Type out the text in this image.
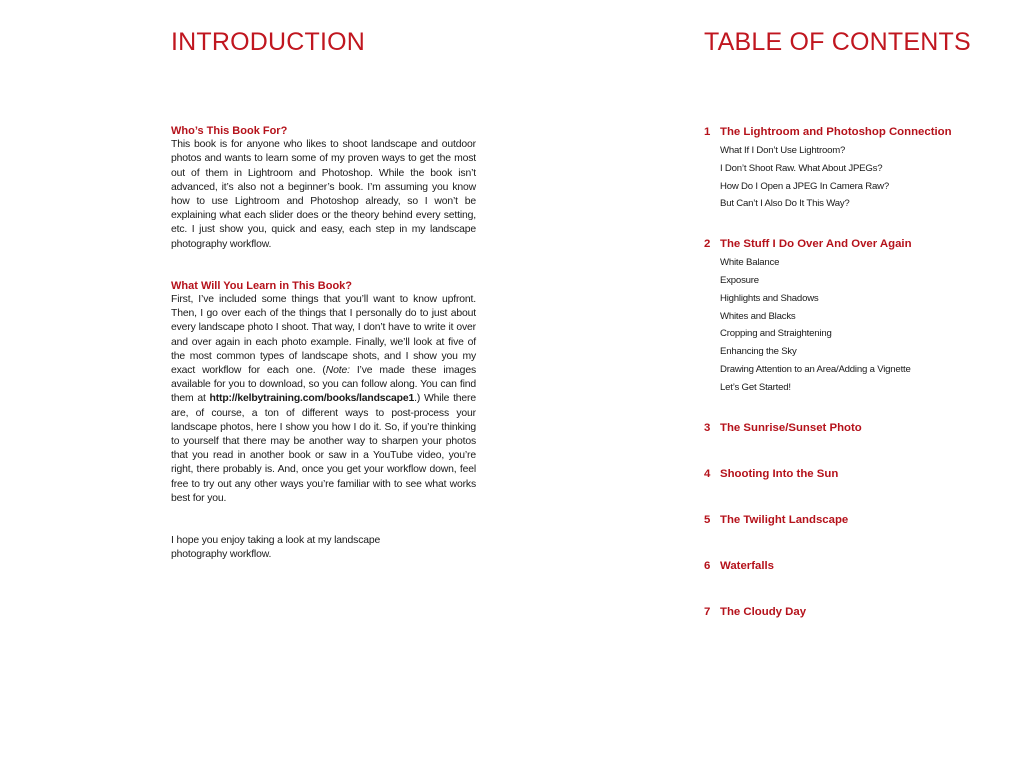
INTRODUCTION
Who’s This Book For?

This book is for anyone who likes to shoot landscape and outdoor photos and wants to learn some of my proven ways to get the most out of them in Lightroom and Photoshop. While the book isn’t advanced, it’s also not a beginner’s book. I’m assuming you know how to use Lightroom and Photoshop already, so I won’t be explaining what each slider does or the theory behind every setting, etc. I just show you, quick and easy, each step in my landscape photography workflow.

What Will You Learn in This Book?

First, I’ve included some things that you’ll want to know upfront. Then, I go over each of the things that I personally do to just about every landscape photo I shoot. That way, I don’t have to write it over and over again in each photo example. Finally, we’ll look at five of the most common types of landscape shots, and I show you my exact workflow for each one. (Note: I’ve made these images available for you to download, so you can follow along. You can find them at http://kelbytraining.com/books/landscape1.) While there are, of course, a ton of different ways to post-process your landscape photos, here I show you how I do it. So, if you’re thinking to yourself that there may be another way to sharpen your photos that you read in another book or saw in a YouTube video, you’re right, there probably is. And, once you get your workflow down, feel free to try out any other ways you’re familiar with to see what works best for you.

I hope you enjoy taking a look at my landscape photography workflow.

TABLE OF CONTENTS
1 The Lightroom and Photoshop Connection
What If I Don’t Use Lightroom?
I Don’t Shoot Raw. What About JPEGs?
How Do I Open a JPEG In Camera Raw?
But Can’t I Also Do It This Way?
2 The Stuff I Do Over And Over Again
White Balance
Exposure
Highlights and Shadows
Whites and Blacks
Cropping and Straightening
Enhancing the Sky
Drawing Attention to an Area/Adding a Vignette
Let’s Get Started!
3 The Sunrise/Sunset Photo
4 Shooting Into the Sun
5 The Twilight Landscape
6 Waterfalls
7 The Cloudy Day
